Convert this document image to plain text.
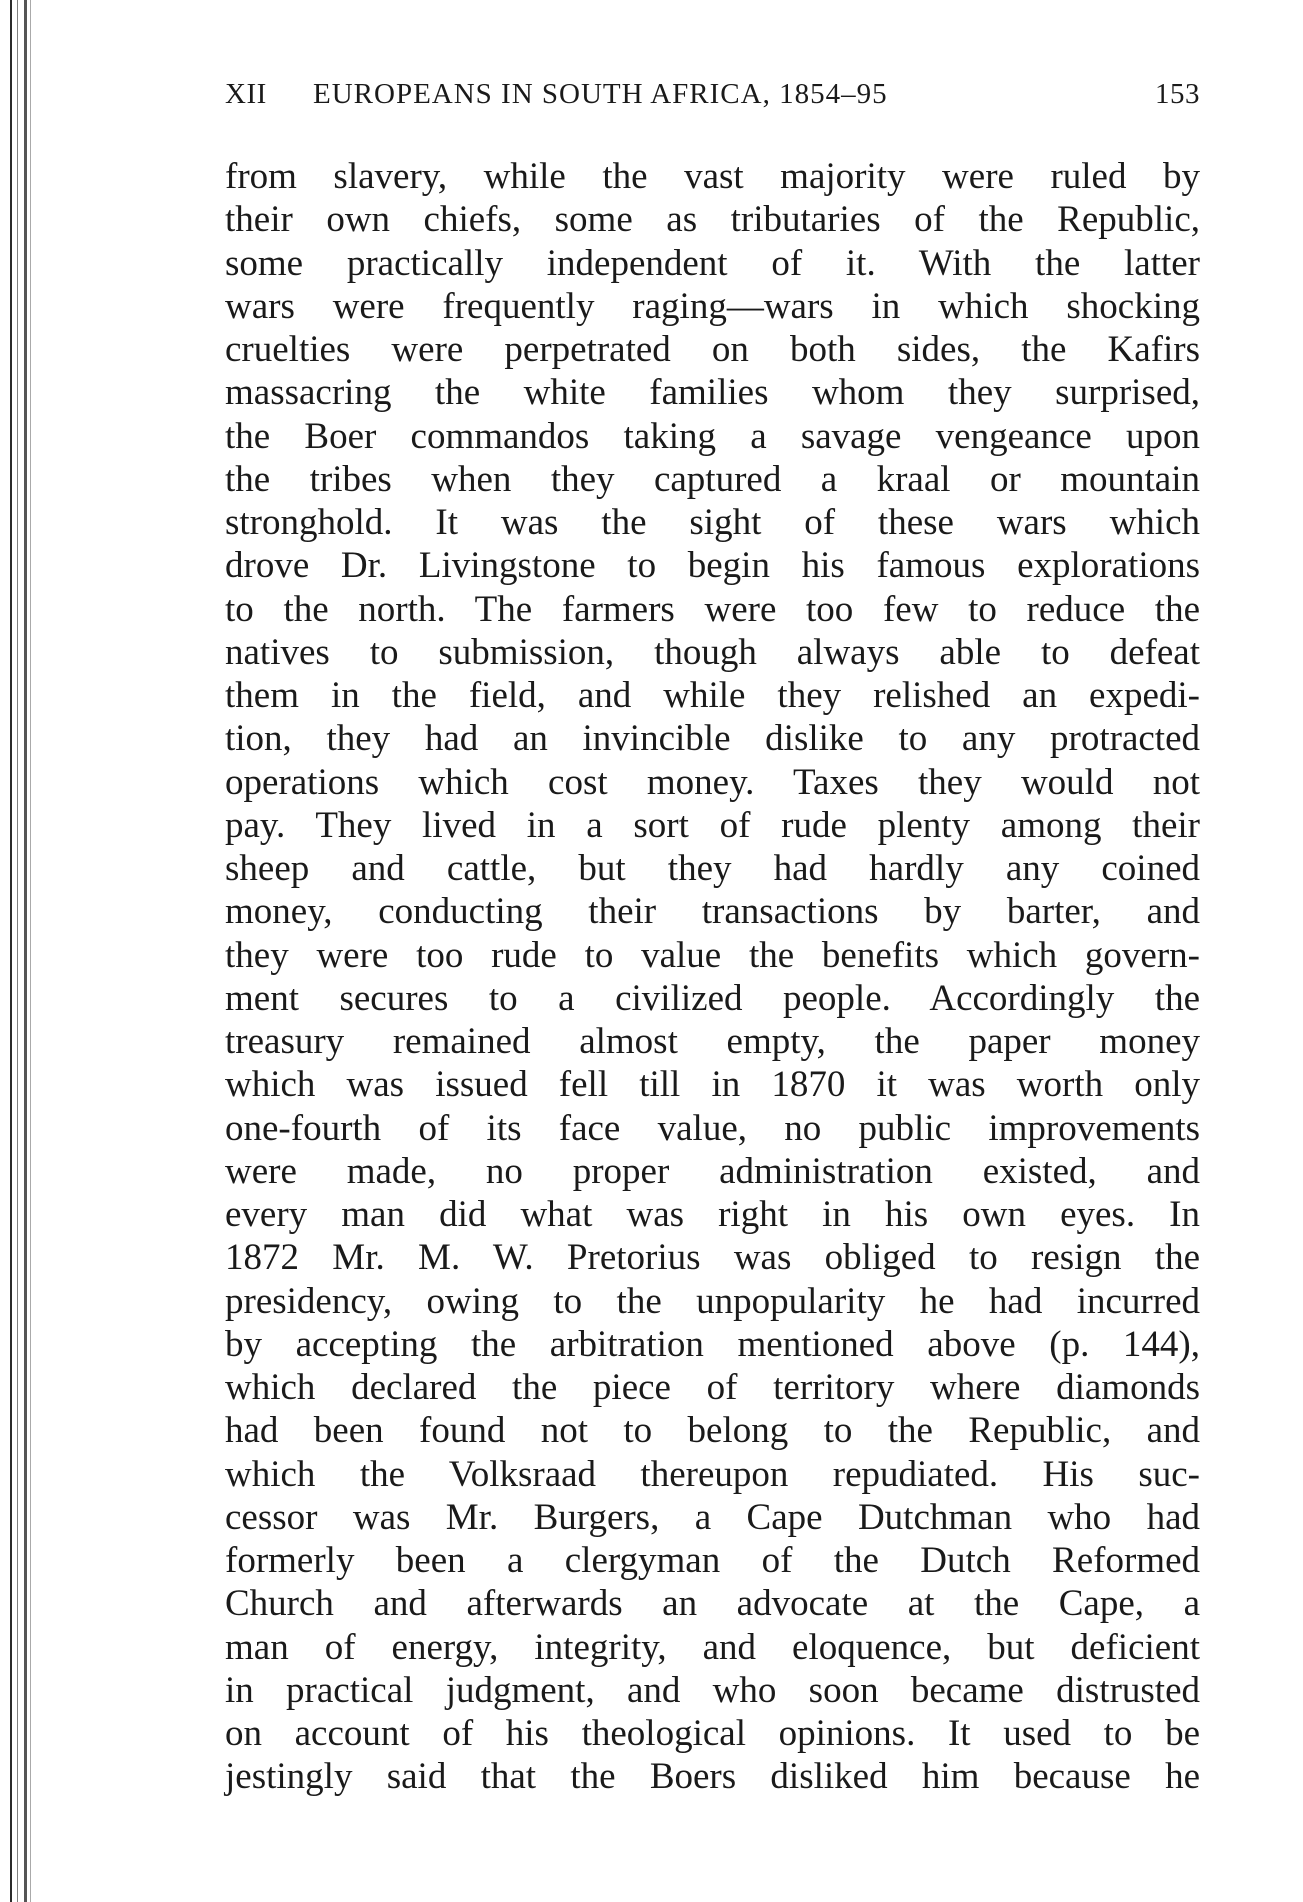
XII EUROPEANS IN SOUTH AFRICA, 1854–95	153
from slavery, while the vast majority were ruled by
their own chiefs, some as tributaries of the Republic,
some practically independent of it. With the latter
wars were frequently raging—wars in which shocking
cruelties were perpetrated on both sides, the Kafirs
massacring the white families whom they surprised,
the Boer commandos taking a savage vengeance upon
the tribes when they captured a kraal or mountain
stronghold. It was the sight of these wars which
drove Dr. Livingstone to begin his famous explorations
to the north. The farmers were too few to reduce the
natives to submission, though always able to defeat
them in the field, and while they relished an expedi-
tion, they had an invincible dislike to any protracted
operations which cost money. Taxes they would not
pay. They lived in a sort of rude plenty among their
sheep and cattle, but they had hardly any coined
money, conducting their transactions by barter, and
they were too rude to value the benefits which govern-
ment secures to a civilized people. Accordingly the
treasury remained almost empty, the paper money
which was issued fell till in 1870 it was worth only
one-fourth of its face value, no public improvements
were made, no proper administration existed, and
every man did what was right in his own eyes. In
1872 Mr. M. W. Pretorius was obliged to resign the
presidency, owing to the unpopularity he had incurred
by accepting the arbitration mentioned above (p. 144),
which declared the piece of territory where diamonds
had been found not to belong to the Republic, and
which the Volksraad thereupon repudiated. His suc-
cessor was Mr. Burgers, a Cape Dutchman who had
formerly been a clergyman of the Dutch Reformed
Church and afterwards an advocate at the Cape, a
man of energy, integrity, and eloquence, but deficient
in practical judgment, and who soon became distrusted
on account of his theological opinions. It used to be
jestingly said that the Boers disliked him because he
